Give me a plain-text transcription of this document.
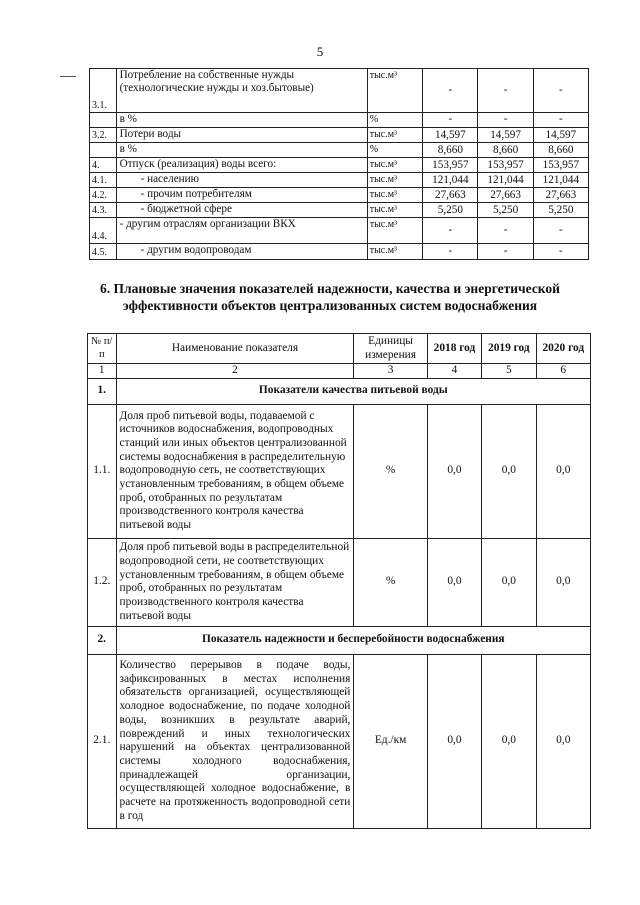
5
3.1.	Потребление на собственные нужды (технологические нужды и хоз.бытовые)	тыс.м³	-	-	-
	в %	%	-	-	-
3.2.	Потери воды	тыс.м³	14,597	14,597	14,597
	в %	%	8,660	8,660	8,660
4.	Отпуск (реализация) воды всего:	тыс.м³	153,957	153,957	153,957
4.1.	- населению	тыс.м³	121,044	121,044	121,044
4.2.	- прочим потребителям	тыс.м³	27,663	27,663	27,663
4.3.	- бюджетной сфере	тыс.м³	5,250	5,250	5,250
4.4.	- другим отраслям организации ВКХ	тыс.м³	-	-	-
4.5.	- другим водопроводам	тыс.м³	-	-	-
6. Плановые значения показателей надежности, качества и энергетической эффективности объектов централизованных систем водоснабжения
№ п/п	Наименование показателя	Единицы измерения	2018 год	2019 год	2020 год
1	2	3	4	5	6
1.	Показатели качества питьевой воды				
1.1.	Доля проб питьевой воды, подаваемой с источников водоснабжения, водопроводных станций или иных объектов централизованной системы водоснабжения в распределительную водопроводную сеть, не соответствующих установленным требованиям, в общем объеме проб, отобранных по результатам производственного контроля качества питьевой воды	%	0,0	0,0	0,0
1.2.	Доля проб питьевой воды в распределительной водопроводной сети, не соответствующих установленным требованиям, в общем объеме проб, отобранных по результатам производственного контроля качества питьевой воды	%	0,0	0,0	0,0
2.	Показатель надежности и бесперебойности водоснабжения				
2.1.	Количество перерывов в подаче воды, зафиксированных в местах исполнения обязательств организацией, осуществляющей холодное водоснабжение, по подаче холодной воды, возникших в результате аварий, повреждений и иных технологических нарушений на объектах централизованной системы холодного водоснабжения, принадлежащей организации, осуществляющей холодное водоснабжение, в расчете на протяженность водопроводной сети в год	Ед./км	0,0	0,0	0,0
